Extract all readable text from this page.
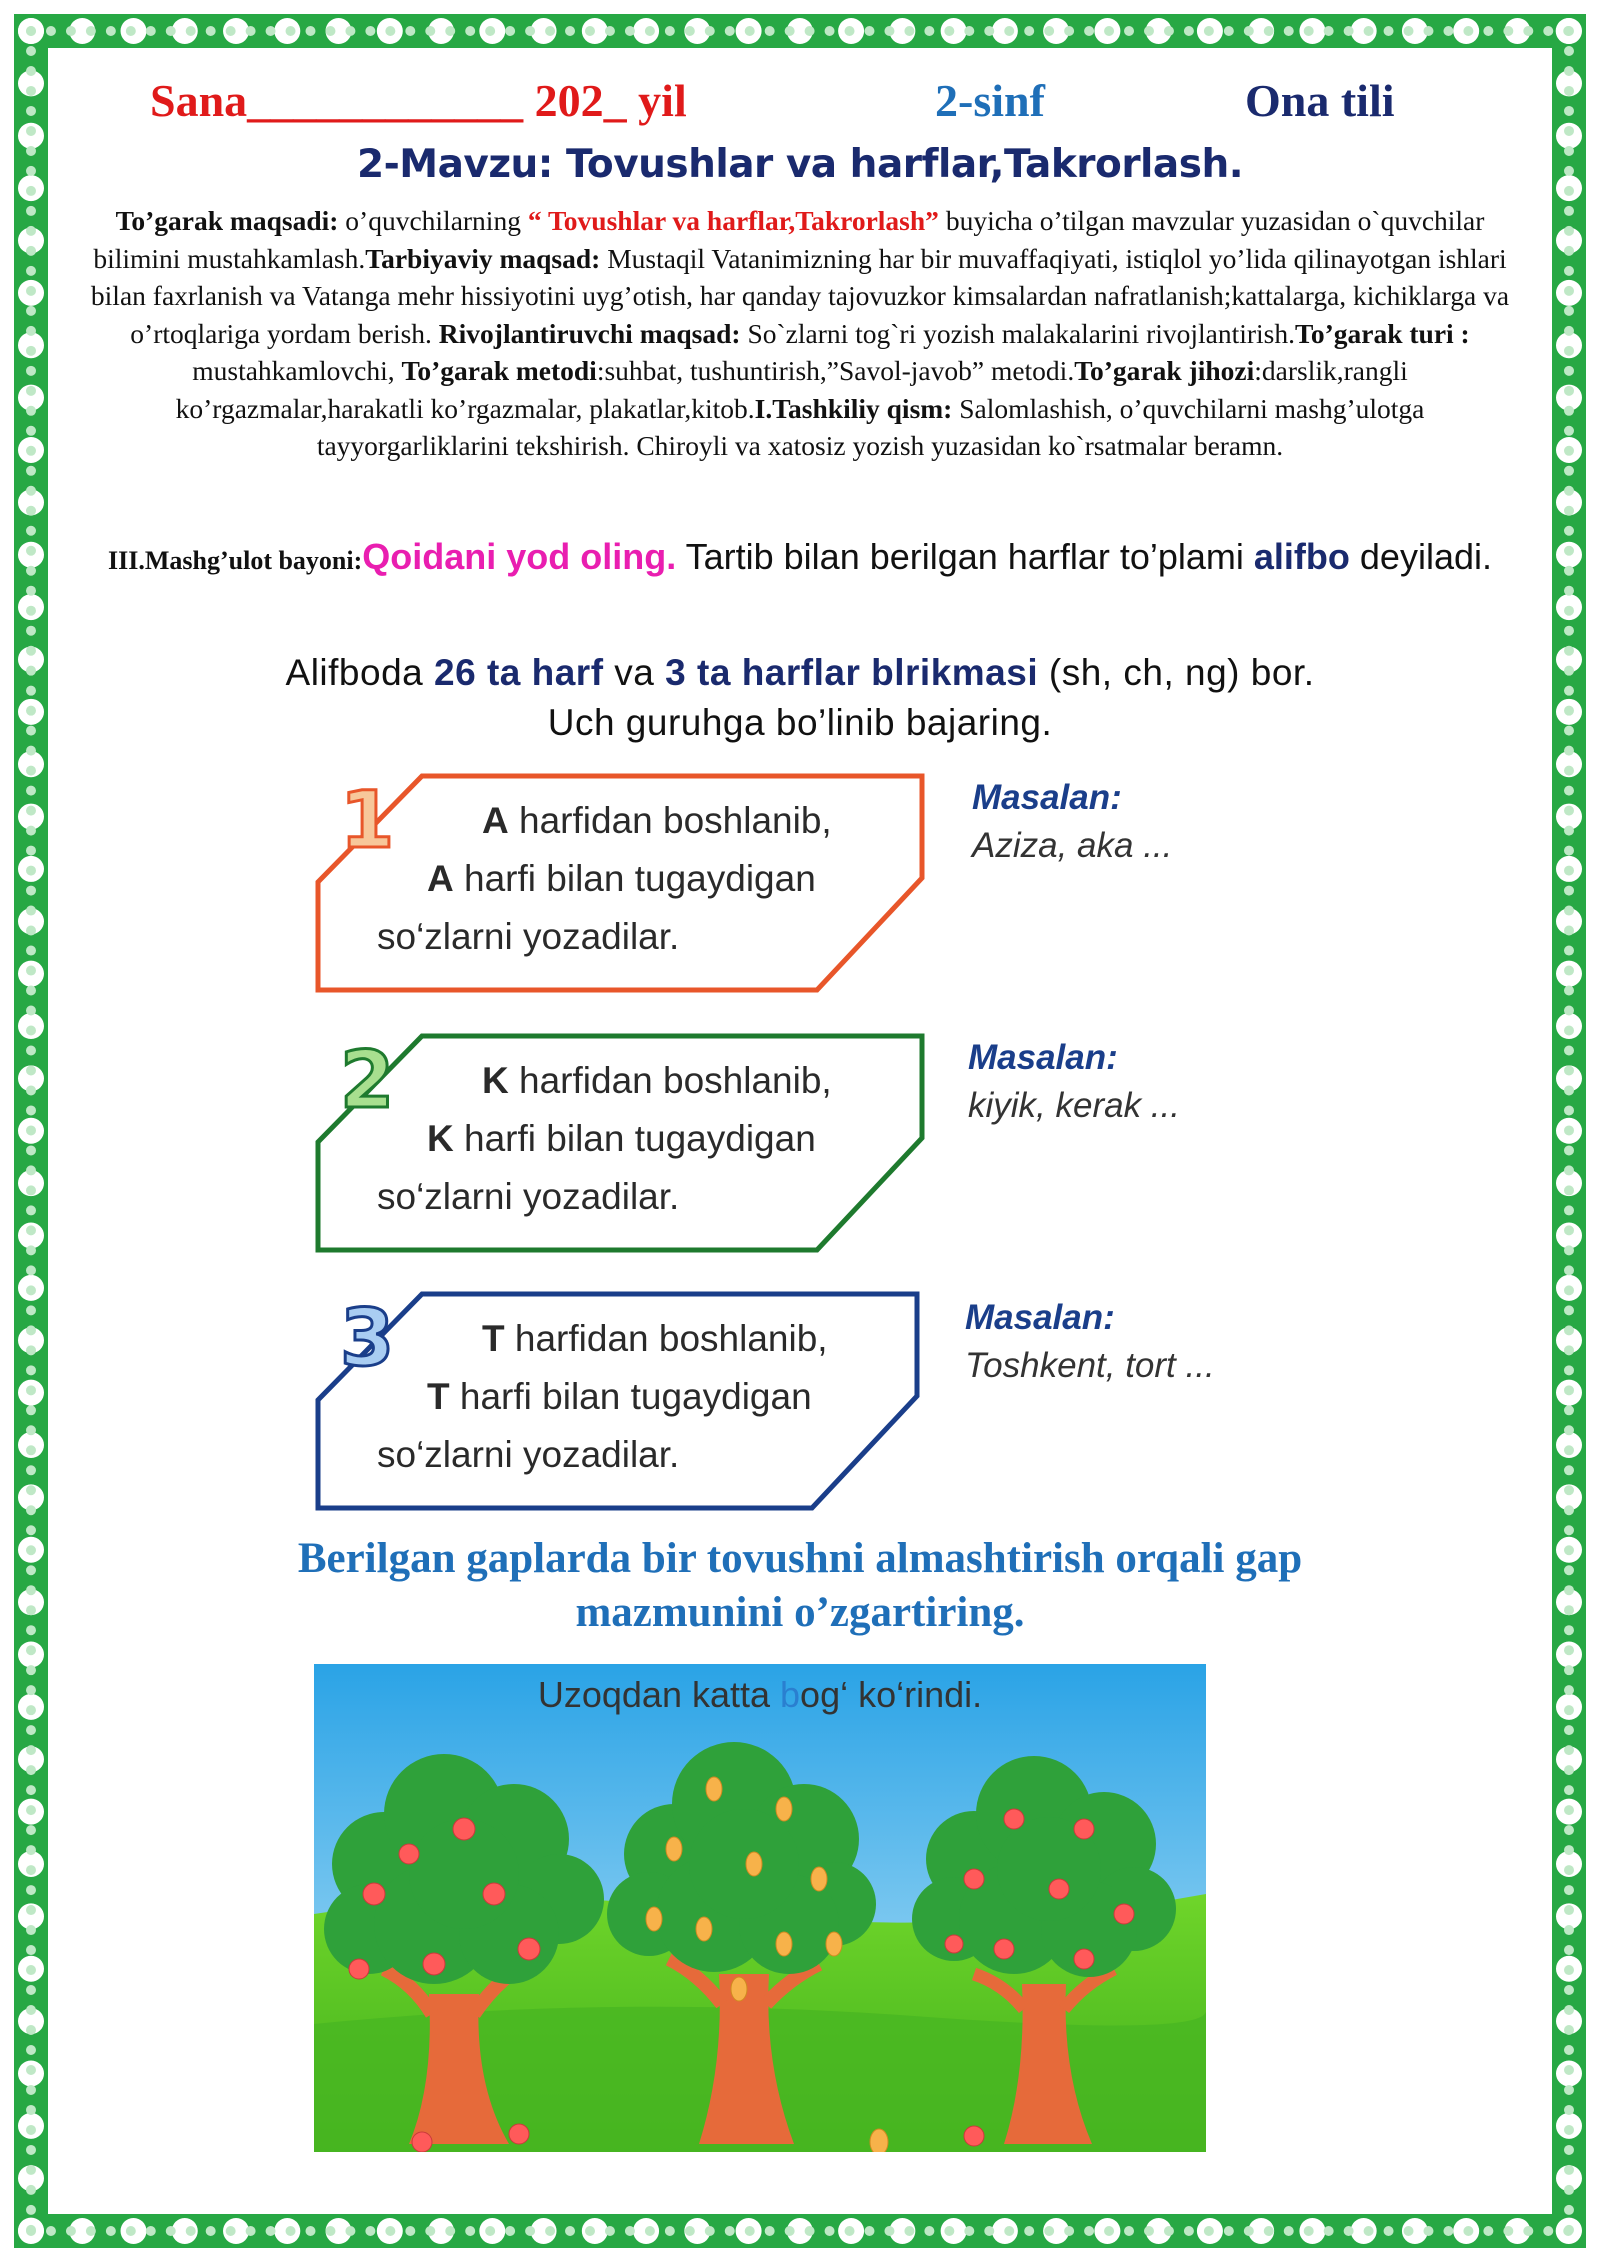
Sana____________ 202_ yil	2-sinf	Ona tili
2-Mavzu: Tovushlar va harflar,Takrorlash.
To’garak maqsadi: o’quvchilarning “ Tovushlar va harflar,Takrorlash” buyicha o’tilgan mavzular yuzasidan o`quvchilar bilimini mustahkamlash.Tarbiyaviy maqsad: Mustaqil Vatanimizning har bir muvaffaqiyati, istiqlol yo’lida qilinayotgan ishlari bilan faxrlanish va Vatanga mehr hissiyotini uyg’otish, har qanday tajovuzkor kimsalardan nafratlanish;kattalarga, kichiklarga va o’rtoqlariga yordam berish. Rivojlantiruvchi maqsad: So`zlarni tog`ri yozish malakalarini rivojlantirish.To’garak turi : mustahkamlovchi, To’garak metodi:suhbat, tushuntirish,”Savol-javob” metodi.To’garak jihozi:darslik,rangli ko’rgazmalar,harakatli ko’rgazmalar, plakatlar,kitob.I.Tashkiliy qism: Salomlashish, o’quvchilarni mashg’ulotga tayyorgarliklarini tekshirish. Chiroyli va xatosiz yozish yuzasidan ko`rsatmalar beramn.
III.Mashg’ulot bayoni:Qoidani yod oling. Tartib bilan berilgan harflar to’plami alifbo deyiladi.
Alifboda 26 ta harf va 3 ta harflar blrikmasi (sh, ch, ng) bor.
Uch guruhga bo’linib bajaring.
1	A harfidan boshlanib,
A harfi bilan tugaydigan
so‘zlarni yozadilar.
Masalan:
Aziza, aka ...
2	K harfidan boshlanib,
K harfi bilan tugaydigan
so‘zlarni yozadilar.
Masalan:
kiyik, kerak ...
3	T harfidan boshlanib,
T harfi bilan tugaydigan
so‘zlarni yozadilar.
Masalan:
Toshkent, tort ...
Berilgan gaplarda bir tovushni almashtirish orqali gap
mazmunini o’zgartiring.
Uzoqdan katta bog‘ ko‘rindi.
